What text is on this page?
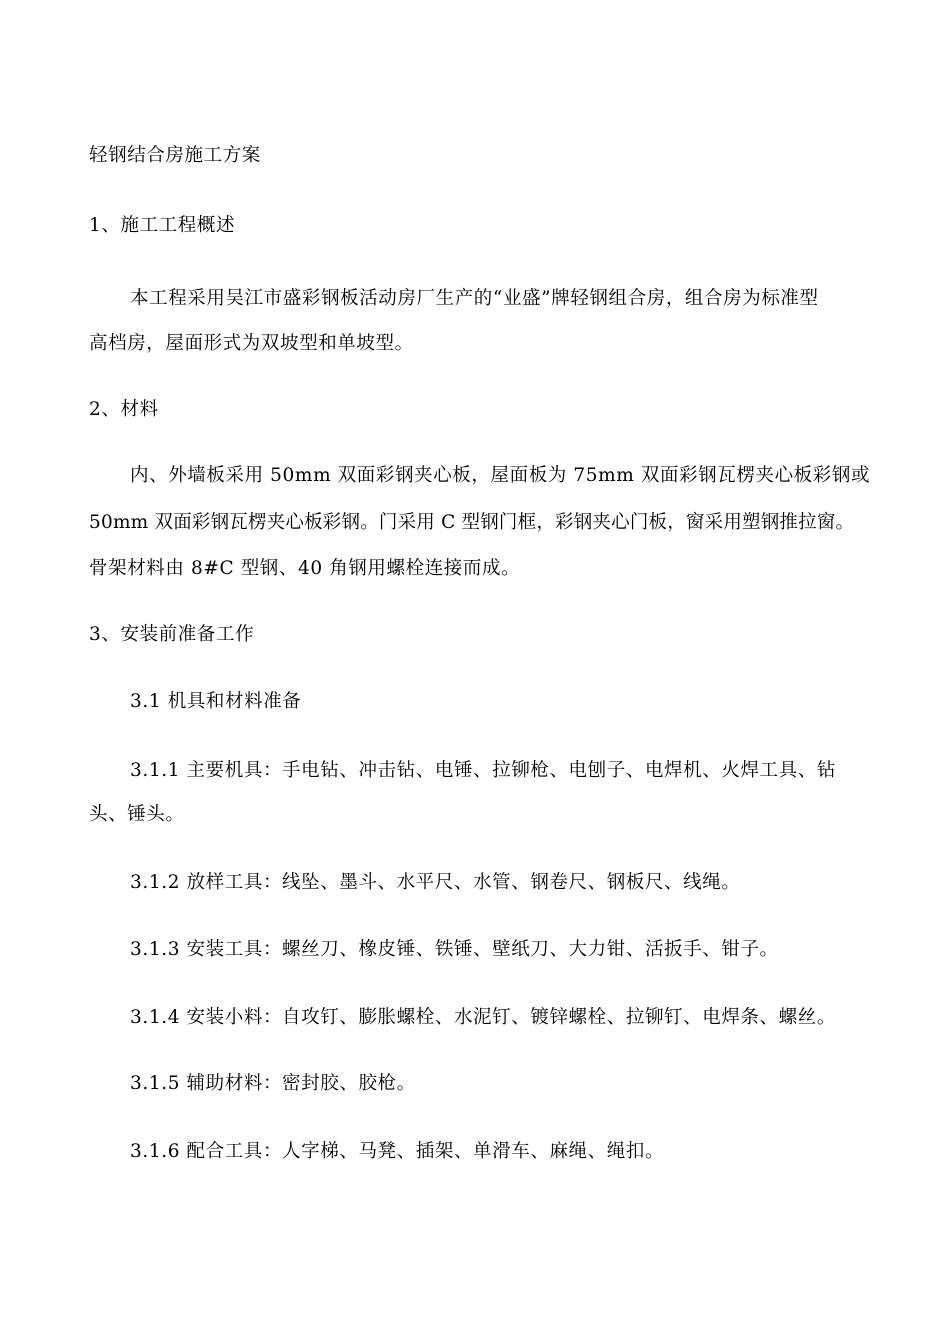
轻钢结合房施工方案
1、施工工程概述
本工程采用吴江市盛彩钢板活动房厂生产的“业盛”牌轻钢组合房，组合房为标准型
高档房，屋面形式为双坡型和单坡型。
2、材料
内、外墙板采用 50mm 双面彩钢夹心板，屋面板为 75mm 双面彩钢瓦楞夹心板彩钢或
50mm 双面彩钢瓦楞夹心板彩钢。门采用 C 型钢门框，彩钢夹心门板，窗采用塑钢推拉窗。
骨架材料由 8#C 型钢、40 角钢用螺栓连接而成。
3、安装前准备工作
3.1 机具和材料准备
3.1.1 主要机具：手电钻、冲击钻、电锤、拉铆枪、电刨子、电焊机、火焊工具、钻
头、锤头。
3.1.2 放样工具：线坠、墨斗、水平尺、水管、钢卷尺、钢板尺、线绳。
3.1.3 安装工具：螺丝刀、橡皮锤、铁锤、壁纸刀、大力钳、活扳手、钳子。
3.1.4 安装小料：自攻钉、膨胀螺栓、水泥钉、镀锌螺栓、拉铆钉、电焊条、螺丝。
3.1.5 辅助材料：密封胶、胶枪。
3.1.6 配合工具：人字梯、马凳、插架、单滑车、麻绳、绳扣。
